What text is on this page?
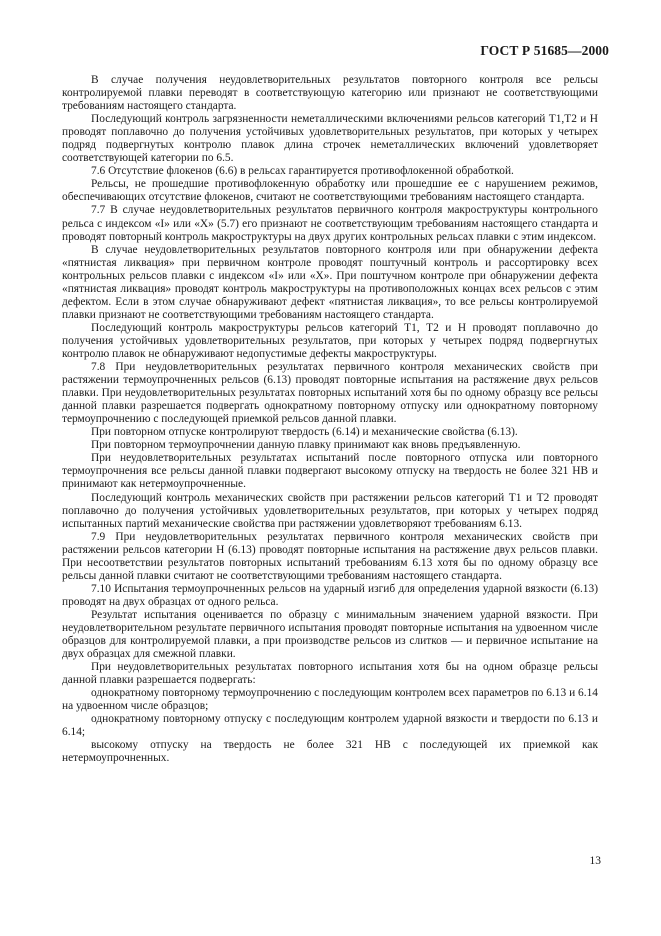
ГОСТ Р 51685—2000

В случае получения неудовлетворительных результатов повторного контроля все рельсы контролируемой плавки переводят в соответствующую категорию или признают не соответствующими требованиям настоящего стандарта.

Последующий контроль загрязненности неметаллическими включениями рельсов категорий Т1,Т2 и Н проводят поплавочно до получения устойчивых удовлетворительных результатов, при которых у четырех подряд подвергнутых контролю плавок длина строчек неметаллических включений удовлетворяет соответствующей категории по 6.5.

7.6 Отсутствие флокенов (6.6) в рельсах гарантируется противофлокенной обработкой.

Рельсы, не прошедшие противофлокенную обработку или прошедшие ее с нарушением режимов, обеспечивающих отсутствие флокенов, считают не соответствующими требованиям настоящего стандарта.

7.7 В случае неудовлетворительных результатов первичного контроля макроструктуры контрольного рельса с индексом «I» или «Х» (5.7) его признают не соответствующим требованиям настоящего стандарта и проводят повторный контроль макроструктуры на двух других контрольных рельсах плавки с этим индексом.

В случае неудовлетворительных результатов повторного контроля или при обнаружении дефекта «пятнистая ликвация» при первичном контроле проводят поштучный контроль и рассортировку всех контрольных рельсов плавки с индексом «I» или «Х». При поштучном контроле при обнаружении дефекта «пятнистая ликвация» проводят контроль макроструктуры на противоположных концах всех рельсов с этим дефектом. Если в этом случае обнаруживают дефект «пятнистая ликвация», то все рельсы контролируемой плавки признают не соответствующими требованиям настоящего стандарта.

Последующий контроль макроструктуры рельсов категорий Т1, Т2 и Н проводят поплавочно до получения устойчивых удовлетворительных результатов, при которых у четырех подряд подвергнутых контролю плавок не обнаруживают недопустимые дефекты макроструктуры.

7.8 При неудовлетворительных результатах первичного контроля механических свойств при растяжении термоупрочненных рельсов (6.13) проводят повторные испытания на растяжение двух рельсов плавки. При неудовлетворительных результатах повторных испытаний хотя бы по одному образцу все рельсы данной плавки разрешается подвергать однократному повторному отпуску или однократному повторному термоупрочнению с последующей приемкой рельсов данной плавки.

При повторном отпуске контролируют твердость (6.14) и механические свойства (6.13).

При повторном термоупрочнении данную плавку принимают как вновь предъявленную.

При неудовлетворительных результатах испытаний после повторного отпуска или повторного термоупрочнения все рельсы данной плавки подвергают высокому отпуску на твердость не более 321 НВ и принимают как нетермоупрочненные.

Последующий контроль механических свойств при растяжении рельсов категорий Т1 и Т2 проводят поплавочно до получения устойчивых удовлетворительных результатов, при которых у четырех подряд испытанных партий механические свойства при растяжении удовлетворяют требованиям 6.13.

7.9 При неудовлетворительных результатах первичного контроля механических свойств при растяжении рельсов категории Н (6.13) проводят повторные испытания на растяжение двух рельсов плавки. При несоответствии результатов повторных испытаний требованиям 6.13 хотя бы по одному образцу все рельсы данной плавки считают не соответствующими требованиям настоящего стандарта.

7.10 Испытания термоупрочненных рельсов на ударный изгиб для определения ударной вязкости (6.13) проводят на двух образцах от одного рельса.

Результат испытания оценивается по образцу с минимальным значением ударной вязкости. При неудовлетворительном результате первичного испытания проводят повторные испытания на удвоенном числе образцов для контролируемой плавки, а при производстве рельсов из слитков — и первичное испытание на двух образцах для смежной плавки.

При неудовлетворительных результатах повторного испытания хотя бы на одном образце рельсы данной плавки разрешается подвергать:

однократному повторному термоупрочнению с последующим контролем всех параметров по 6.13 и 6.14 на удвоенном числе образцов;

однократному повторному отпуску с последующим контролем ударной вязкости и твердости по 6.13 и 6.14;

высокому отпуску на твердость не более 321 НВ с последующей их приемкой как нетермоупрочненных.

13
